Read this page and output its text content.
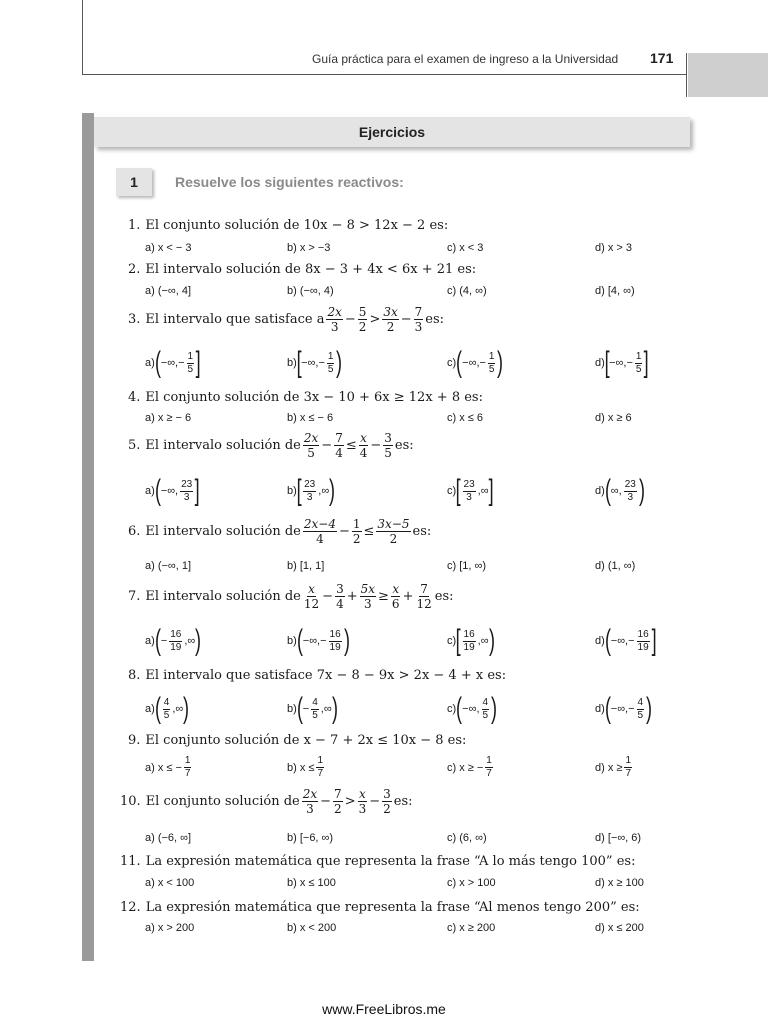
Guía práctica para el examen de ingreso a la Universidad 171
Ejercicios
1	Resuelve los siguientes reactivos:
1. El conjunto solución de 10x − 8 > 12x − 2 es:
a) x < − 3	b) x > −3	c) x < 3	d) x > 3
2. El intervalo solución de 8x − 3 + 4x < 6x + 21 es:
a) (−∞, 4]	b) (−∞, 4)	c) (4, ∞)	d) [4, ∞)
3. El intervalo que satisface a $\frac{2x}{3} - \frac{5}{2} > \frac{3x}{2} - \frac{7}{3}$ es:
a) ( −∞,− $\frac{1}{5}$ ]	b) [ −∞,− $\frac{1}{5}$ )	c) ( −∞,− $\frac{1}{5}$ )	d) [ −∞,− $\frac{1}{5}$ ]
4. El conjunto solución de 3x − 10 + 6x ≥ 12x + 8 es:
a) x ≥ − 6	b) x ≤ − 6	c) x ≤ 6	d) x ≥ 6
5. El intervalo solución de $\frac{2x}{5} - \frac{7}{4} \le \frac{x}{4} - \frac{3}{5}$ es:
a) ( −∞, $\frac{23}{3}$ ]	b) [ $\frac{23}{3}$ , ∞ )	c) [ $\frac{23}{3}$ , ∞ ]	d) ( ∞ , $\frac{23}{3}$ )
6. El intervalo solución de $\frac{2x-4}{4} - \frac{1}{2} \le \frac{3x-5}{2}$ es:
a) (−∞, 1]	b) [1, 1]	c) [1, ∞)	d) (1, ∞)
7. El intervalo solución de $\frac{x}{12} - \frac{3}{4} + \frac{5x}{3} \ge \frac{x}{6} + \frac{7}{12}$ es:
a) ( − $\frac{16}{19}$ , ∞ )	b) ( −∞,− $\frac{16}{19}$ )	c) [ $\frac{16}{19}$ , ∞ )	d) ( −∞,− $\frac{16}{19}$ ]
8. El intervalo que satisface 7x − 8 − 9x > 2x − 4 + x es:
a) ( $\frac{4}{5}$ , ∞ )	b) ( − $\frac{4}{5}$ , ∞ )	c) ( −∞, $\frac{4}{5}$ )	d) ( −∞,− $\frac{4}{5}$ )
9. El conjunto solución de x − 7 + 2x ≤ 10x − 8 es:
a) x ≤ − $\frac{1}{7}$	b) $x \le \frac{1}{7}$	c) x ≥ − $\frac{1}{7}$	d) $x \ge \frac{1}{7}$
10. El conjunto solución de $\frac{2x}{3} - \frac{7}{2} > \frac{x}{3} - \frac{3}{2}$ es:
a) (−6, ∞]	b) [−6, ∞)	c) (6, ∞)	d) [−∞, 6)
11. La expresión matemática que representa la frase “A lo más tengo 100” es:
a) x < 100	b) x ≤ 100	c) x > 100	d) x ≥ 100
12. La expresión matemática que representa la frase “Al menos tengo 200” es:
a) x > 200	b) x < 200	c) x ≥ 200	d) x ≤ 200
www.FreeLibros.me
